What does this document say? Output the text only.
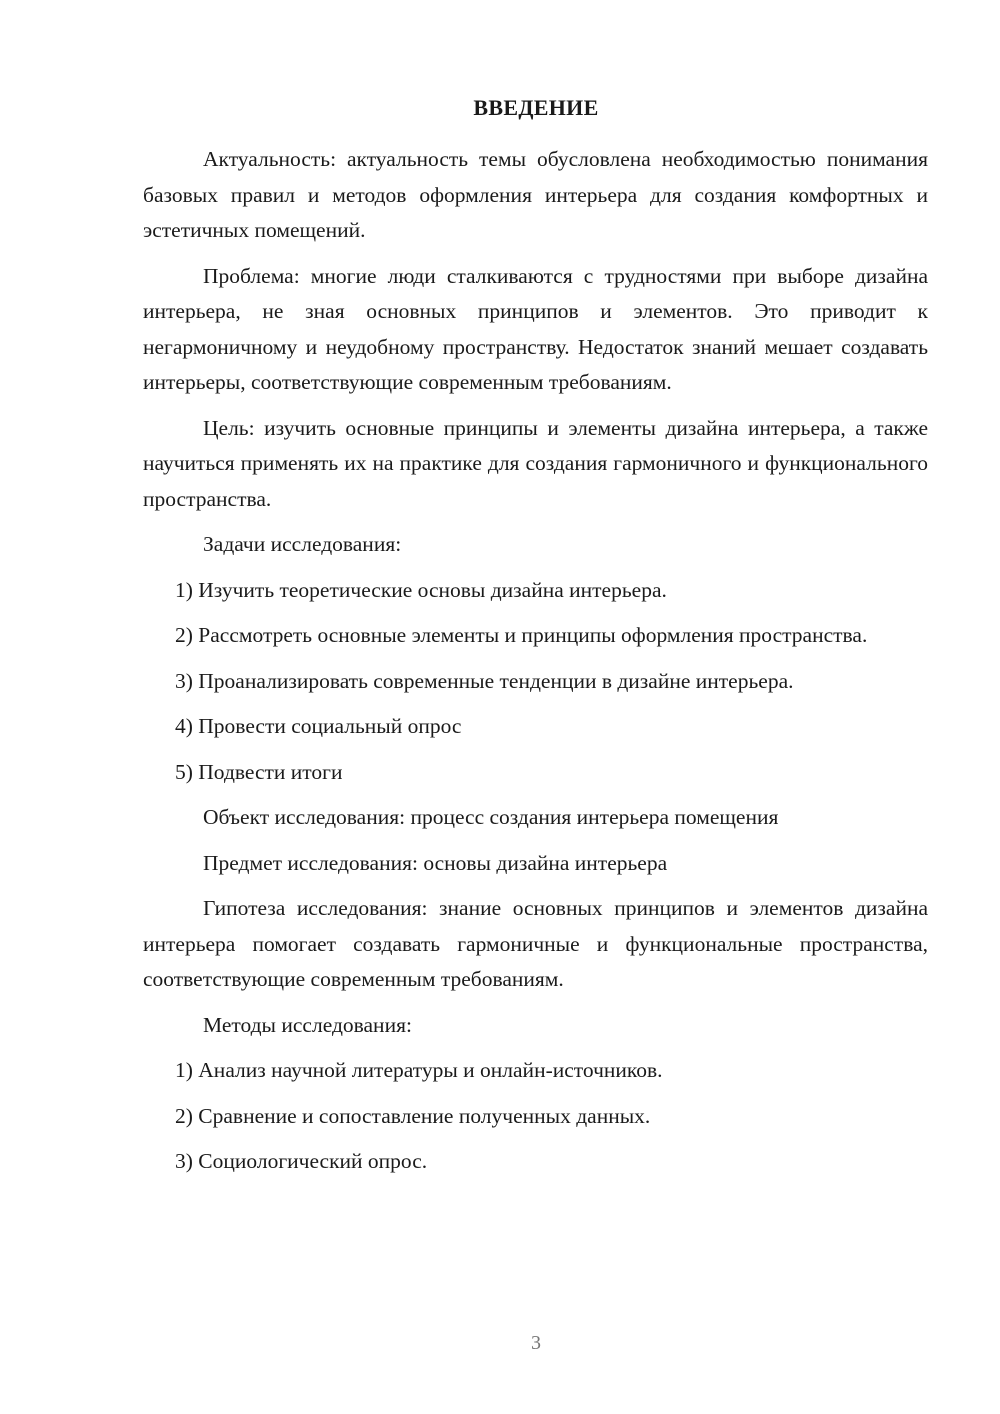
ВВЕДЕНИЕ

Актуальность: актуальность темы обусловлена необходимостью понимания базовых правил и методов оформления интерьера для создания комфортных и эстетичных помещений.

Проблема: многие люди сталкиваются с трудностями при выборе дизайна интерьера, не зная основных принципов и элементов. Это приводит к негармоничному и неудобному пространству. Недостаток знаний мешает создавать интерьеры, соответствующие современным требованиям.

Цель: изучить основные принципы и элементы дизайна интерьера, а также научиться применять их на практике для создания гармоничного и функционального пространства.

Задачи исследования:

1) Изучить теоретические основы дизайна интерьера.

2) Рассмотреть основные элементы и принципы оформления пространства.

3) Проанализировать современные тенденции в дизайне интерьера.

4) Провести социальный опрос

5) Подвести итоги

Объект исследования: процесс создания интерьера помещения

Предмет исследования: основы дизайна интерьера

Гипотеза исследования: знание основных принципов и элементов дизайна интерьера помогает создавать гармоничные и функциональные пространства, соответствующие современным требованиям.

Методы исследования:

1) Анализ научной литературы и онлайн-источников.

2) Сравнение и сопоставление полученных данных.

3) Социологический опрос.

3
